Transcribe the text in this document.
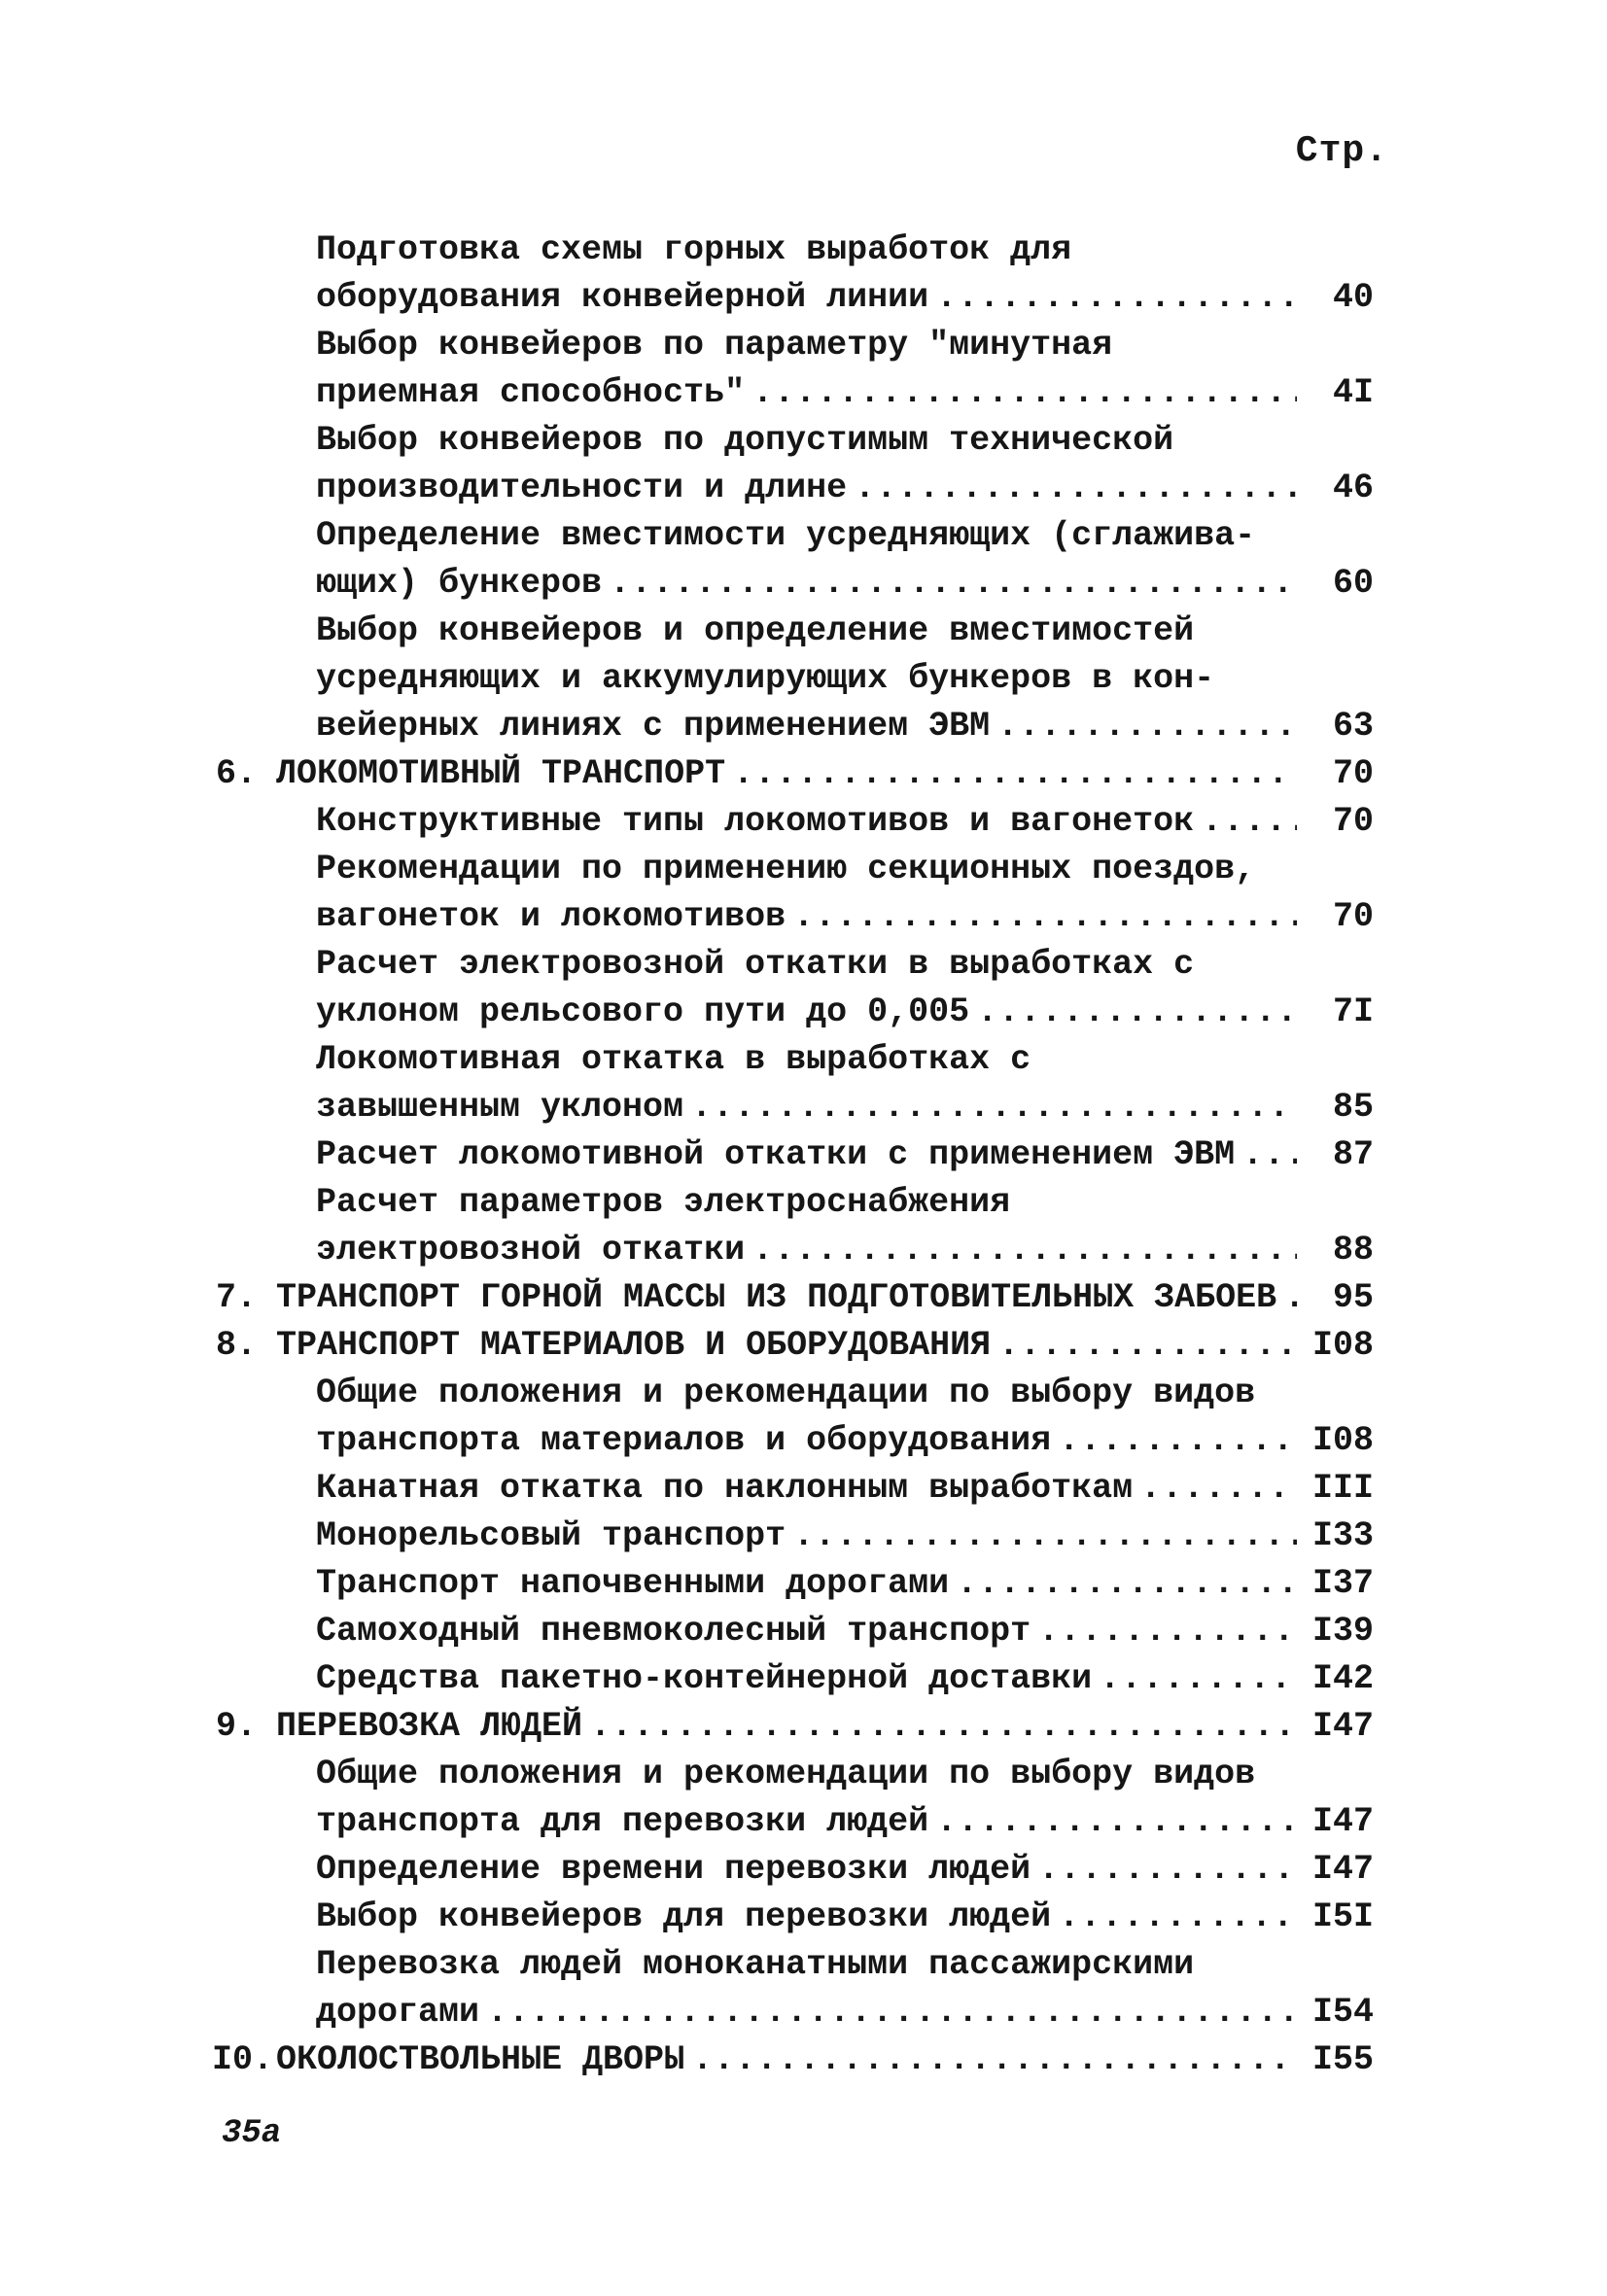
Стр.
Подготовка схемы горных выработок для
оборудования конвейерной линии . . .	40
Выбор конвейеров по параметру "минутная
приемная способность" . . .	4I
Выбор конвейеров по допустимым технической
производительности и длине . . .	46
Определение вместимости усредняющих (сглажива-
ющих) бункеров . . .	60
Выбор конвейеров и определение вместимостей
усредняющих и аккумулирующих бункеров в кон-
вейерных линиях с применением ЭВМ . . .	63
6. ЛОКОМОТИВНЫЙ ТРАНСПОРТ . . .	70
Конструктивные типы локомотивов и вагонеток . . .	70
Рекомендации по применению секционных поездов,
вагонеток и локомотивов . . .	70
Расчет электровозной откатки в выработках с
уклоном рельсового пути до 0,005 . . .	7I
Локомотивная откатка в выработках с
завышенным уклоном . . .	85
Расчет локомотивной откатки с применением ЭВМ . . .	87
Расчет параметров электроснабжения
электровозной откатки . . .	88
7. ТРАНСПОРТ ГОРНОЙ МАССЫ ИЗ ПОДГОТОВИТЕЛЬНЫХ ЗАБОЕВ . . . 95
8. ТРАНСПОРТ МАТЕРИАЛОВ И ОБОРУДОВАНИЯ . . .	I08
Общие положения и рекомендации по выбору видов
транспорта материалов и оборудования . . .	I08
Канатная откатка по наклонным выработкам . . .	III
Монорельсовый транспорт . . .	I33
Транспорт напочвенными дорогами . . .	I37
Самоходный пневмоколесный транспорт . . .	I39
Средства пакетно-контейнерной доставки . . .	I42
9. ПЕРЕВОЗКА ЛЮДЕЙ . . .	I47
Общие положения и рекомендации по выбору видов
транспорта для перевозки людей . . .	I47
Определение времени перевозки людей . . .	I47
Выбор конвейеров для перевозки людей . . .	I5I
Перевозка людей моноканатными пассажирскими
дорогами . . .	I54
I0. ОКОЛОСТВОЛЬНЫЕ ДВОРЫ . . .	I55
35а
